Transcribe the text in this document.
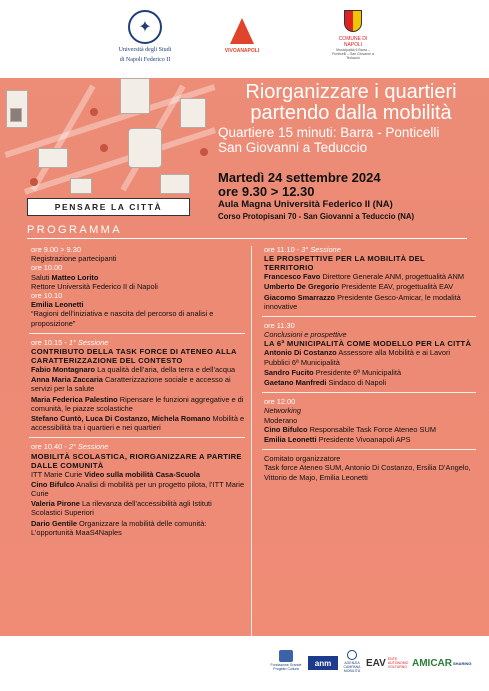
✦
Università degli Studi
di Napoli Federico II
VIVOANAPOLI
COMUNE DI NAPOLI
Municipalità 6 Barra – Ponticelli – San Giovanni a Teduccio
Riorganizzare i quartieri
partendo dalla mobilità
Quartiere 15 minuti: Barra - Ponticelli
San Giovanni a Teduccio
Martedì 24 settembre 2024
ore 9.30 > 12.30
Aula Magna Università Federico II (NA)
Corso Protopisani 70 - San Giovanni a Teduccio (NA)
PENSARE LA CITTÀ
PROGRAMMA
ore 9.00 > 9.30
Registrazione partecipanti
ore 10.00
Saluti Matteo Lorito
Rettore Università Federico II di Napoli
ore 10.10
Emilia Leonetti
“Ragioni dell’iniziativa e nascita del percorso di analisi e proposizione”
ore 10.15 - 1° Sessione
CONTRIBUTO DELLA TASK FORCE DI ATENEO ALLA CARATTERIZZAZIONE DEL CONTESTO
Fabio Montagnaro La qualità dell’aria, della terra e dell’acqua
Anna Maria Zaccaria Caratterizzazione sociale e accesso ai servizi per la salute
Maria Federica Palestino Ripensare le funzioni aggregative e di comunità, le piazze scolastiche
Stefano Cuntò, Luca Di Costanzo, Michela Romano Mobilità e accessibilità tra i quartieri e nei quartieri
ore 10.40 - 2° Sessione
MOBILITÀ SCOLASTICA, RIORGANIZZARE A PARTIRE DALLE COMUNITÀ
ITT Marie Curie Video sulla mobilità Casa-Scuola
Cino Bifulco Analisi di mobilità per un progetto pilota, l’ITT Marie Curie
Valeria Pirone La rilevanza dell’accessibilità agli Istituti Scolastici Superiori
Dario Gentile Organizzare la mobilità delle comunità: L’opportunità MaaS4Naples
ore 11.10 - 3° Sessione
LE PROSPETTIVE PER LA MOBILITÀ DEL TERRITORIO
Francesco Favo Direttore Generale ANM, progettualità ANM
Umberto De Gregorio Presidente EAV, progettualità EAV
Giacomo Smarrazzo Presidente Gesco-Amicar, le modalità innovative
ore 11.30
Conclusioni e prospettive
LA 6ª MUNICIPALITÀ COME MODELLO PER LA CITTÀ
Antonio Di Costanzo Assessore alla Mobilità e ai Lavori Pubblici 6ª Municipalità
Sandro Fucito Presidente 6ª Municipalità
Gaetano Manfredi Sindaco di Napoli
ore 12.00
Networking
Moderano
Cino Bifulco Responsabile Task Force Ateneo SUM
Emilia Leonetti Presidente Vivoanapoli APS
Comitato organizzatore
Task force Ateneo SUM, Antonio Di Costanzo, Ersilia D’Angelo, Vittorio de Majo, Emilia Leonetti
Fondazione Grande Progetto Cultura
anm	AGENZIA CAMPANA MOBILITÀ
EAV ENTE AUTONOMO VOLTURNO AMICAR SHARING
